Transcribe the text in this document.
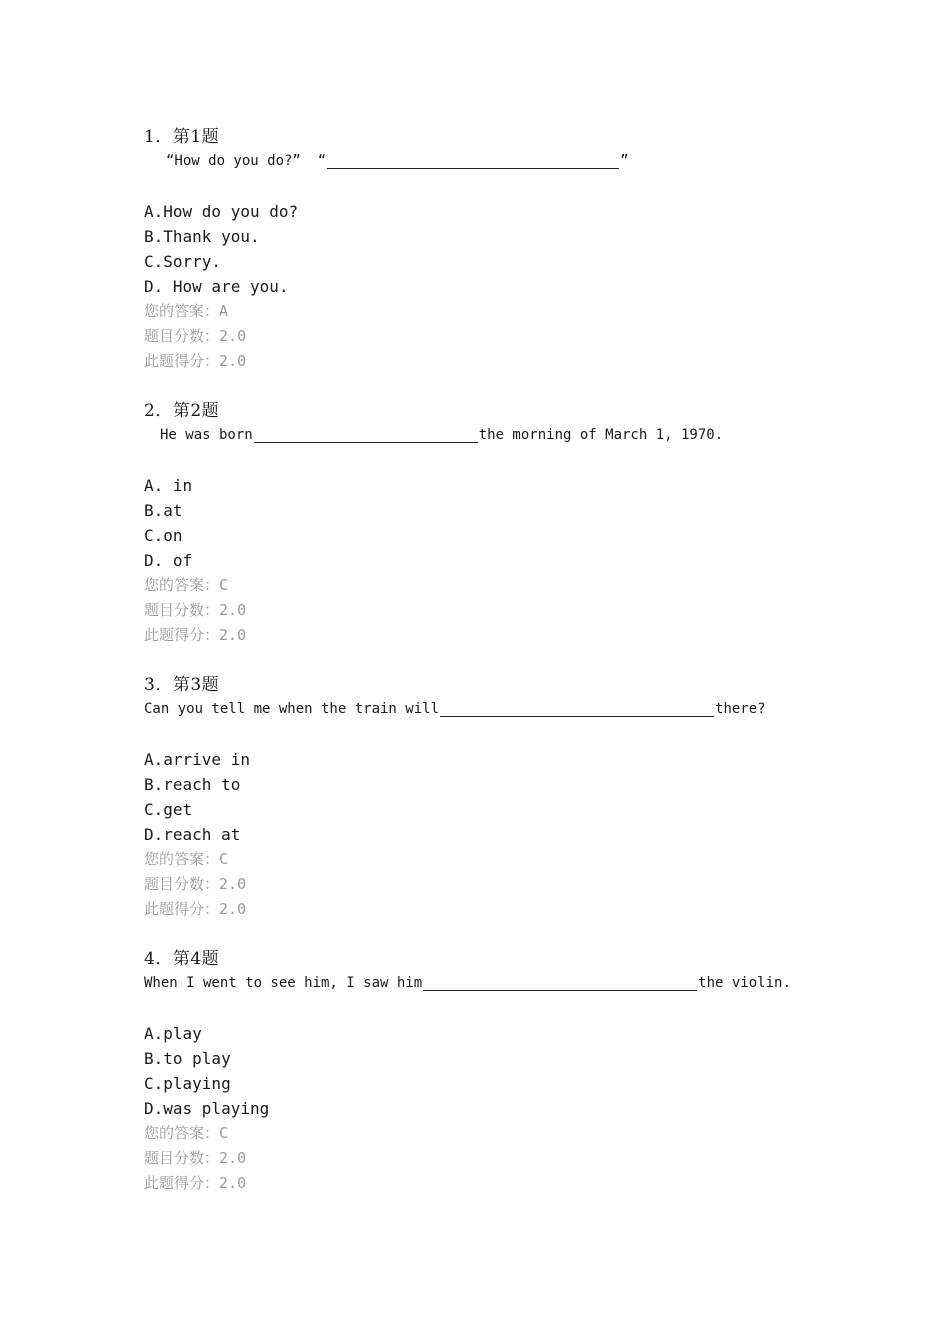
1．第1题
“How do you do?”  “	”
A.How do you do?
B.Thank you.
C.Sorry.
D. How are you.
您的答案：A
题目分数：2.0
此题得分：2.0
2．第2题
He was born	the morning of March 1, 1970.
A. in
B.at
C.on
D. of
您的答案：C
题目分数：2.0
此题得分：2.0
3．第3题
Can you tell me when the train will	there?
A.arrive in
B.reach to
C.get
D.reach at
您的答案：C
题目分数：2.0
此题得分：2.0
4．第4题
When I went to see him, I saw him	the violin.
A.play
B.to play
C.playing
D.was playing
您的答案：C
题目分数：2.0
此题得分：2.0
